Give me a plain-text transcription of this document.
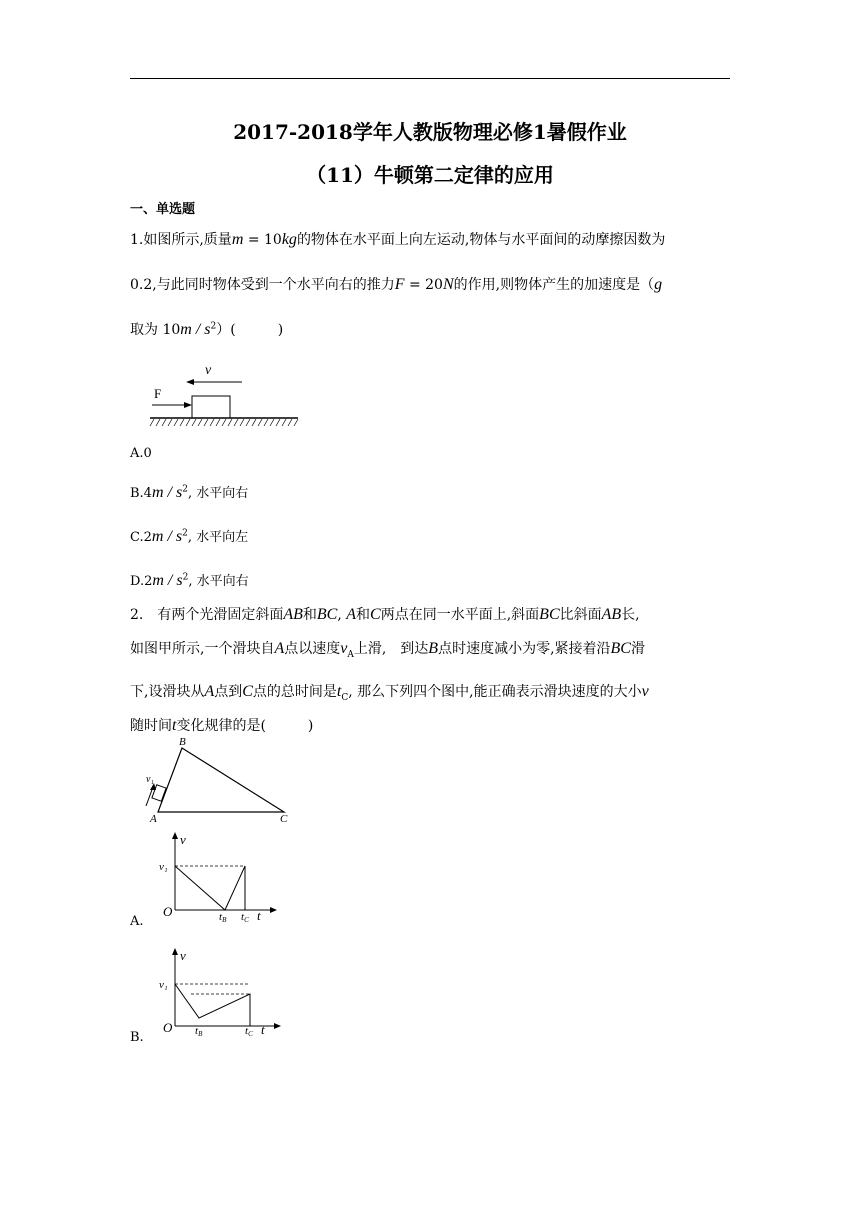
2017-2018学年人教版物理必修1暑假作业
（11）牛顿第二定律的应用
一、单选题
1.如图所示,质量m = 10kg的物体在水平面上向左运动,物体与水平面间的动摩擦因数为
0.2,与此同时物体受到一个水平向右的推力F = 20N的作用,则物体产生的加速度是（g
取为 $10m / s^2$）(　　　)
v
F
A.0
$B.4m / s^2$, 水平向右
$C.2m / s^2$, 水平向左
$D.2m / s^2$, 水平向右
2.　有两个光滑固定斜面AB和BC, A和C两点在同一水平面上,斜面BC比斜面AB长,
如图甲所示,一个滑块自A点以速度$v_A$上滑,　到达B点时速度减小为零,紧接着沿BC滑
下,设滑块从A点到C点的总时间是$t_C$, 那么下列四个图中,能正确表示滑块速度的大小v
随时间t变化规律的是(　　　)
B
A	C
v₁
v
v₁
O	tB tC t
A.
v
v₁
O tB	tC t
B.
